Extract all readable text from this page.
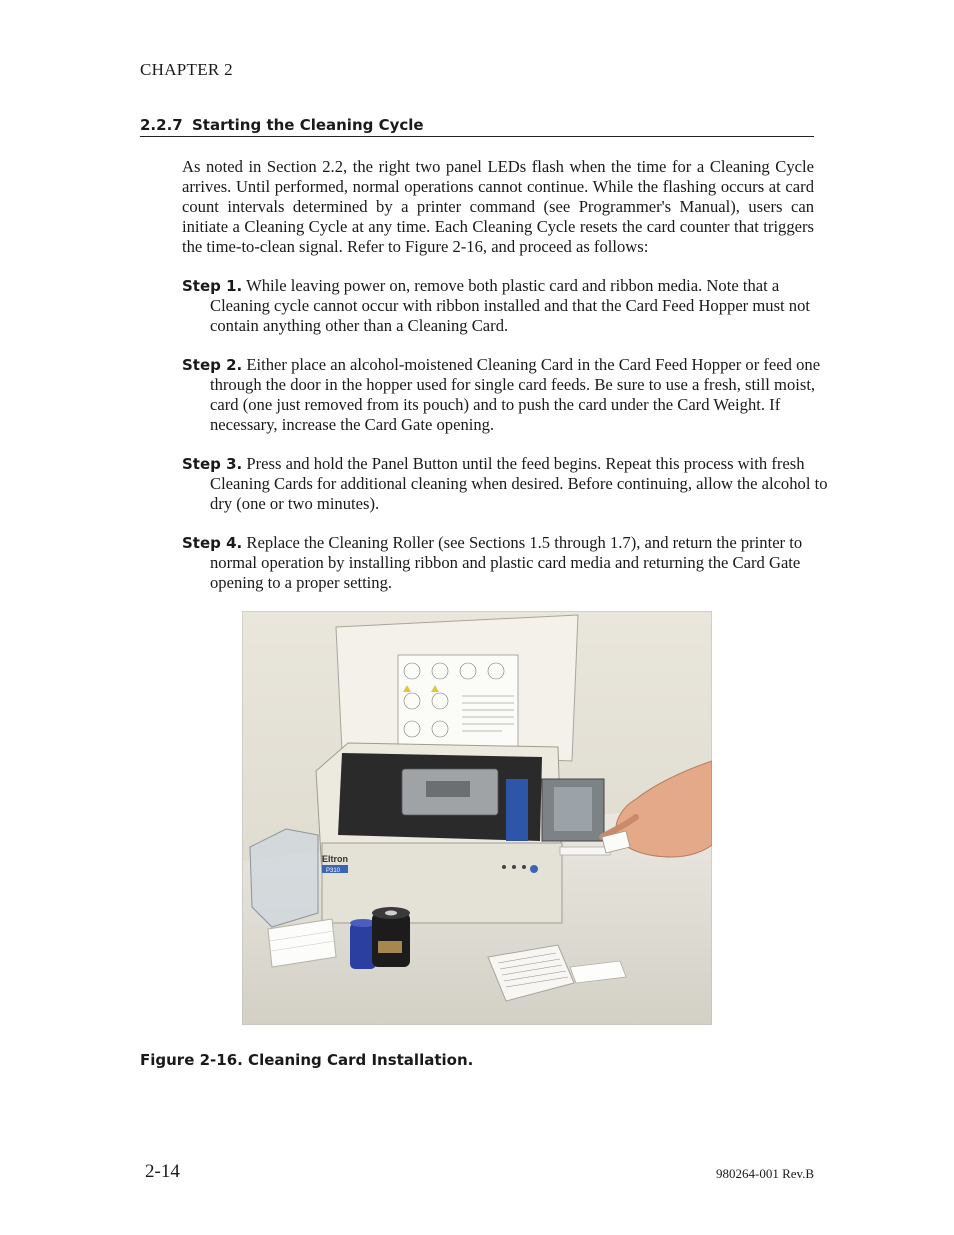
CHAPTER 2
2.2.7 Starting the Cleaning Cycle

As noted in Section 2.2, the right two panel LEDs flash when the time for a Cleaning Cycle arrives. Until performed, normal operations cannot continue. While the flashing occurs at card count intervals determined by a printer command (see Programmer's Manual), users can initiate a Cleaning Cycle at any time. Each Cleaning Cycle resets the card counter that triggers the time-to-clean signal. Refer to Figure 2-16, and proceed as follows:

Step 1. While leaving power on, remove both plastic card and ribbon media. Note that a Cleaning cycle cannot occur with ribbon installed and that the Card Feed Hopper must not contain anything other than a Cleaning Card.

Step 2. Either place an alcohol-moistened Cleaning Card in the Card Feed Hopper or feed one through the door in the hopper used for single card feeds. Be sure to use a fresh, still moist, card (one just removed from its pouch) and to push the card under the Card Weight. If necessary, increase the Card Gate opening.

Step 3. Press and hold the Panel Button until the feed begins. Repeat this process with fresh Cleaning Cards for additional cleaning when desired. Before continuing, allow the alcohol to dry (one or two minutes).

Step 4. Replace the Cleaning Roller (see Sections 1.5 through 1.7), and return the printer to normal operation by installing ribbon and plastic card media and returning the Card Gate opening to a proper setting.

Eltron
P310
Figure 2-16. Cleaning Card Installation.
2-14	980264-001 Rev.B
